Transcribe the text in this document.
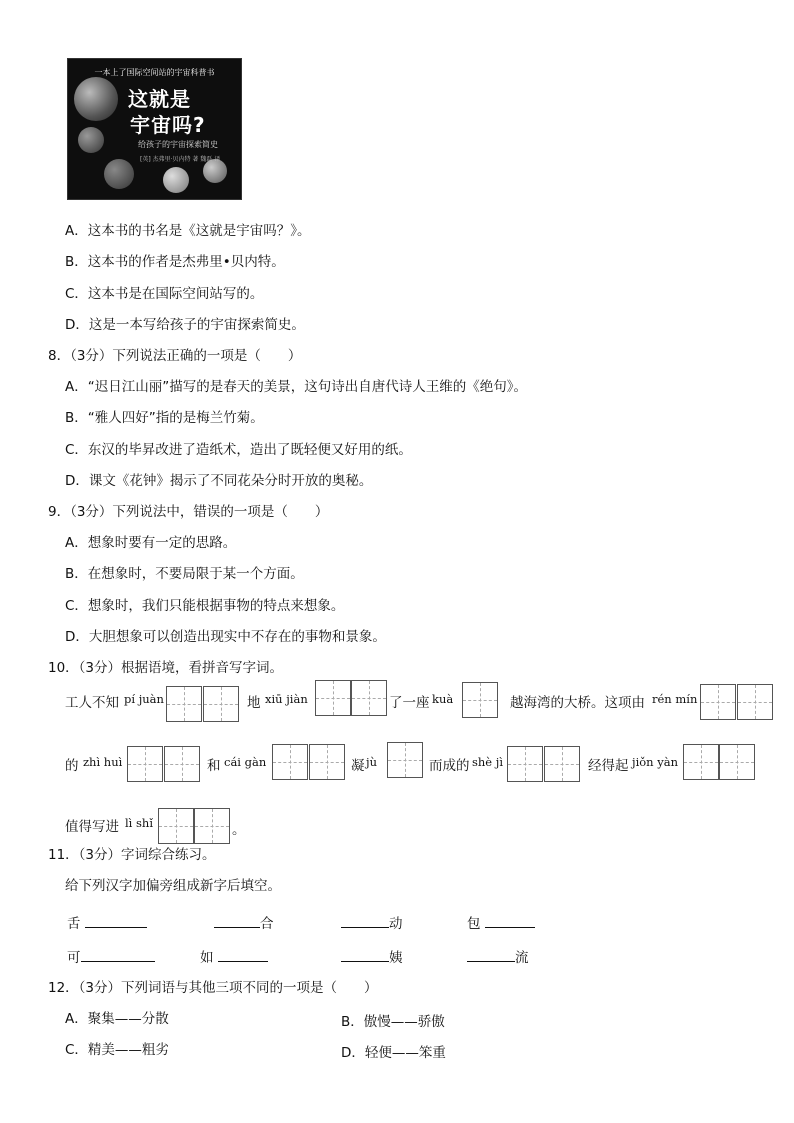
一本上了国际空间站的宇宙科普书
这就是
宇宙吗?
给孩子的宇宙探索简史
[英] 杰弗里·贝内特 著 魏磊 译
A．这本书的书名是《这就是宇宙吗？》。
B．这本书的作者是杰弗里•贝内特。
C．这本书是在国际空间站写的。
D．这是一本写给孩子的宇宙探索简史。
8．（3分）下列说法正确的一项是（　　）
A．“迟日江山丽”描写的是春天的美景，这句诗出自唐代诗人王维的《绝句》。
B．“雅人四好”指的是梅兰竹菊。
C．东汉的毕昇改进了造纸术，造出了既轻便又好用的纸。
D．课文《花钟》揭示了不同花朵分时开放的奥秘。
9．（3分）下列说法中，错误的一项是（　　）
A．想象时要有一定的思路。
B．在想象时，不要局限于某一个方面。
C．想象时，我们只能根据事物的特点来想象。
D．大胆想象可以创造出现实中不存在的事物和景象。
10．（3分）根据语境，看拼音写字词。
工人不知 pí juàn	地 xiū jiàn	了一座 kuà	越海湾的大桥。这项由 rén mín
的 zhì huì	和 cái gàn	凝 jù	而成的 shè jì	经得起 jiǒn yàn
值得写进 lì shǐ	。
11．（3分）字词综合练习。
给下列汉字加偏旁组成新字后填空。
舌	合	动	包
可	如	姨	流
12．（3分）下列词语与其他三项不同的一项是（　　）
A．聚集——分散	B．傲慢——骄傲
C．精美——粗劣	D．轻便——笨重
